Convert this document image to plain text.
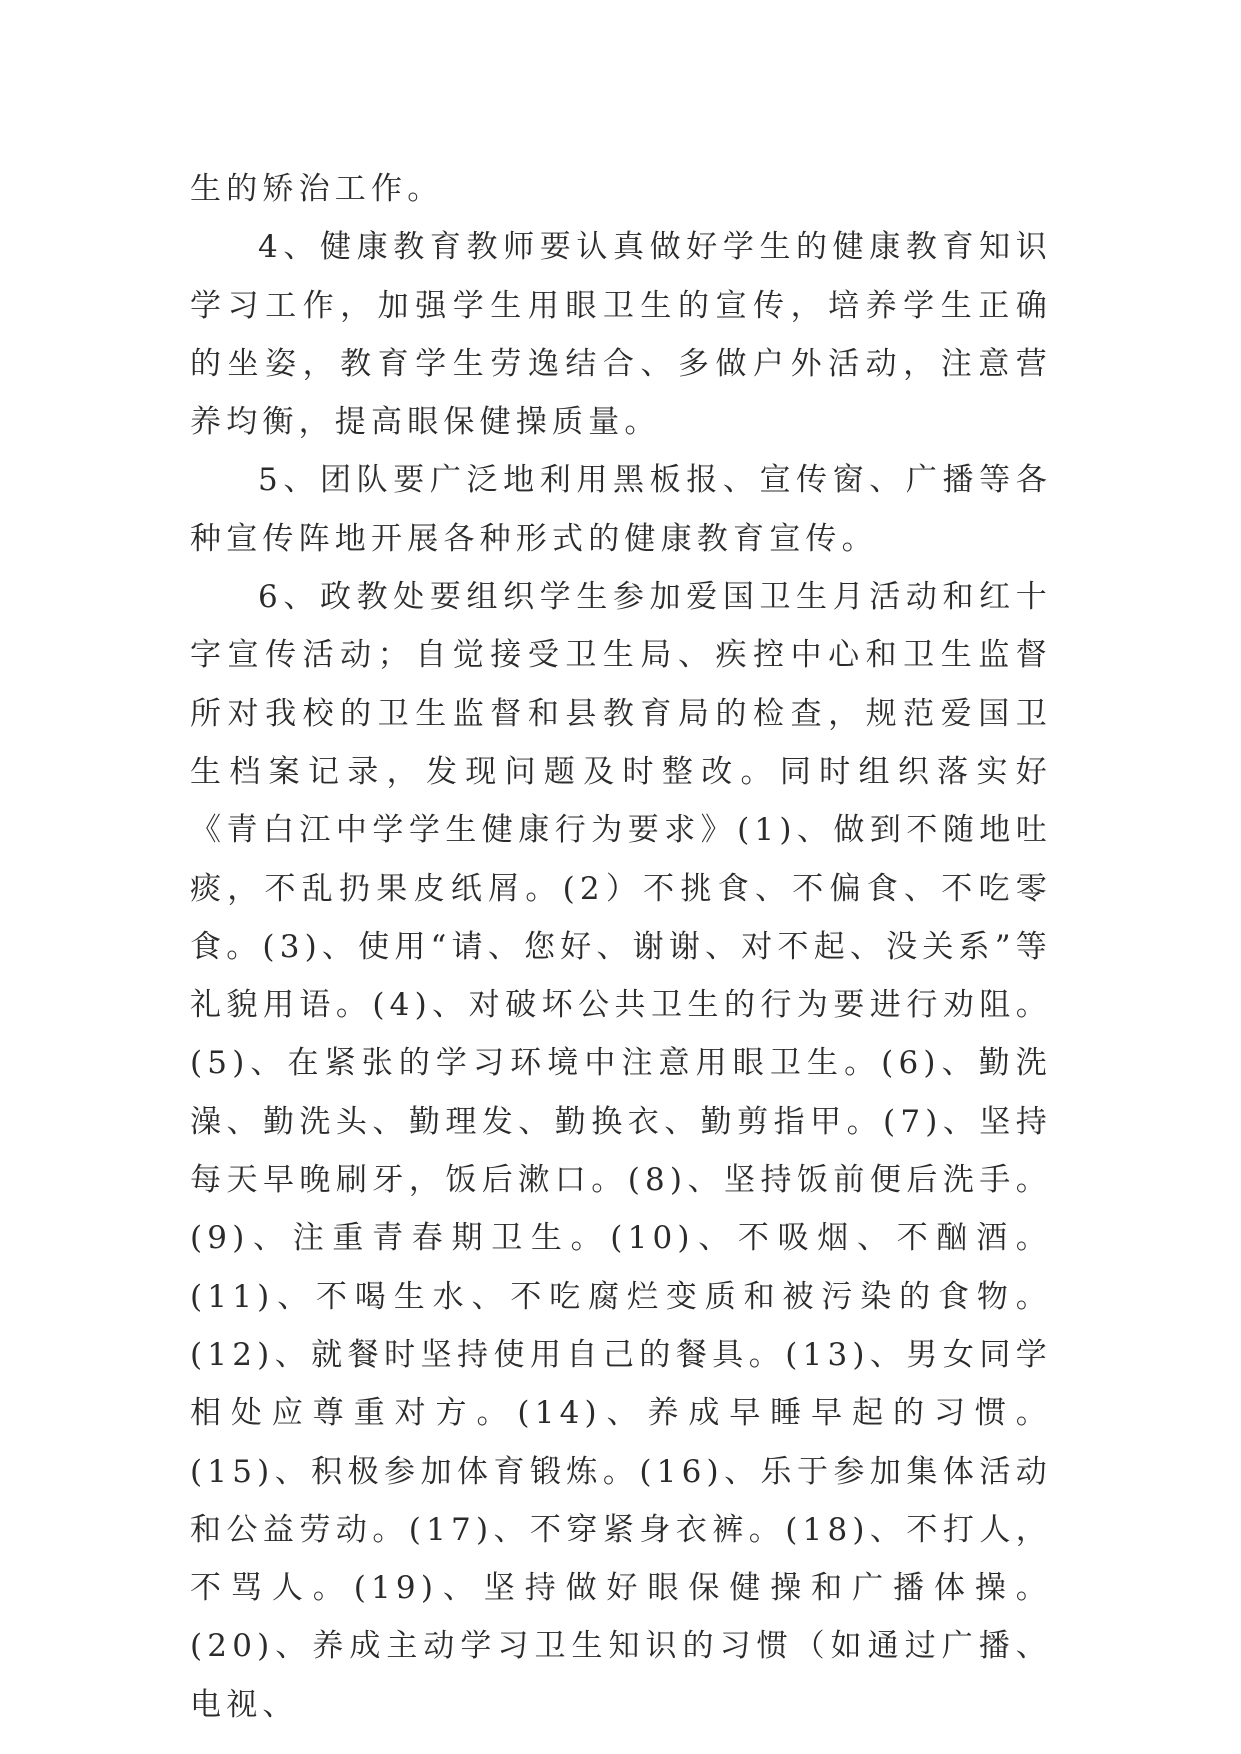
生的矫治工作。

4、健康教育教师要认真做好学生的健康教育知识学习工作，加强学生用眼卫生的宣传，培养学生正确的坐姿，教育学生劳逸结合、多做户外活动，注意营养均衡，提高眼保健操质量。

5、团队要广泛地利用黑板报、宣传窗、广播等各种宣传阵地开展各种形式的健康教育宣传。

6、政教处要组织学生参加爱国卫生月活动和红十字宣传活动；自觉接受卫生局、疾控中心和卫生监督所对我校的卫生监督和县教育局的检查，规范爱国卫生档案记录，发现问题及时整改。同时组织落实好《青白江中学学生健康行为要求》(1)、做到不随地吐痰，不乱扔果皮纸屑。(2）不挑食、不偏食、不吃零食。(3)、使用“请、您好、谢谢、对不起、没关系”等礼貌用语。(4)、对破坏公共卫生的行为要进行劝阻。(5)、在紧张的学习环境中注意用眼卫生。(6)、勤洗澡、勤洗头、勤理发、勤换衣、勤剪指甲。(7)、坚持每天早晚刷牙，饭后漱口。(8)、坚持饭前便后洗手。(9)、注重青春期卫生。(10)、不吸烟、不酗酒。(11)、不喝生水、不吃腐烂变质和被污染的食物。(12)、就餐时坚持使用自己的餐具。(13)、男女同学相处应尊重对方。(14)、养成早睡早起的习惯。(15)、积极参加体育锻炼。(16)、乐于参加集体活动和公益劳动。(17)、不穿紧身衣裤。(18)、不打人，不骂人。(19)、坚持做好眼保健操和广播体操。(20)、养成主动学习卫生知识的习惯（如通过广播、电视、
